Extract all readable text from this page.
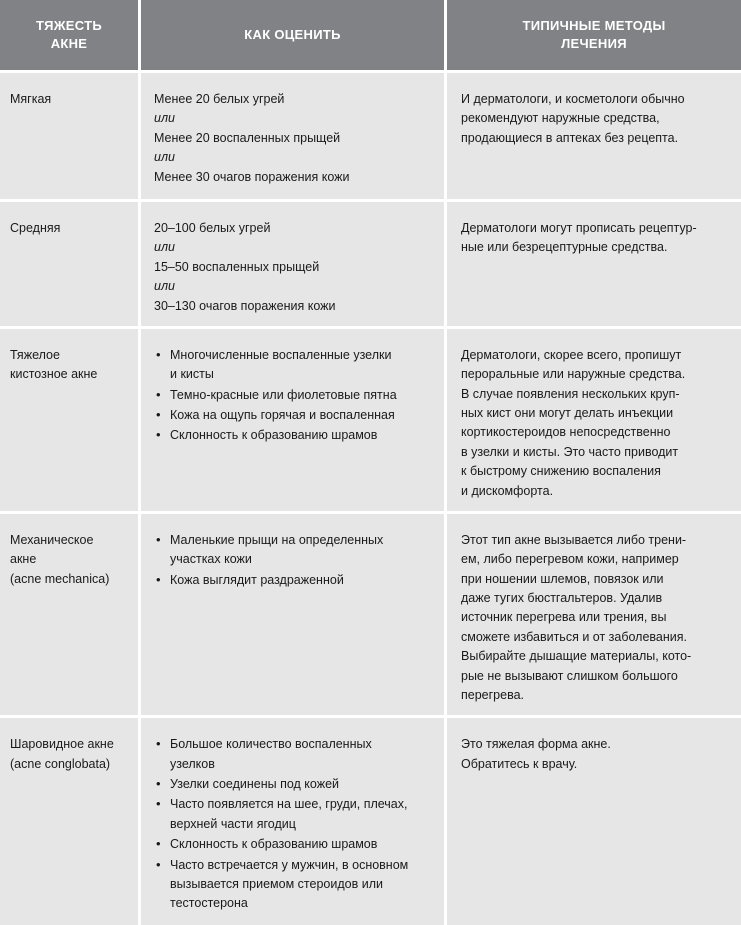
ТЯЖЕСТЬ
АКНЕ
КАК ОЦЕНИТЬ
ТИПИЧНЫЕ МЕТОДЫ
ЛЕЧЕНИЯ
Мягкая	Менее 20 белых угрей

или

Менее 20 воспаленных прыщей

или

Менее 30 очагов поражения кожи

И дерматологи, и косметологи обычно

рекомендуют наружные средства,

продающиеся в аптеках без рецепта.

Средняя	20–100 белых угрей

или

15–50 воспаленных прыщей

или

30–130 очагов поражения кожи

Дерматологи могут прописать рецептур-

ные или безрецептурные средства.

Тяжелое
кистозное акне
• Многочисленные воспаленные узелки
и кисты
• Темно-красные или фиолетовые пятна
• Кожа на ощупь горячая и воспаленная
• Склонность к образованию шрамов

Дерматологи, скорее всего, пропишут

пероральные или наружные средства.

В случае появления нескольких круп-

ных кист они могут делать инъекции

кортикостероидов непосредственно

в узелки и кисты. Это часто приводит

к быстрому снижению воспаления

и дискомфорта.

Механическое
акне
(acne mechanica)
• Маленькие прыщи на определенных
участках кожи
• Кожа выглядит раздраженной

Этот тип акне вызывается либо трени-

ем, либо перегревом кожи, например

при ношении шлемов, повязок или

даже тугих бюстгальтеров. Удалив

источник перегрева или трения, вы

сможете избавиться и от заболевания.

Выбирайте дышащие материалы, кото-

рые не вызывают слишком большого

перегрева.

Шаровидное акне
(acne conglobata)
• Большое количество воспаленных
узелков
• Узелки соединены под кожей
• Часто появляется на шее, груди, плечах,
верхней части ягодиц
• Склонность к образованию шрамов
• Часто встречается у мужчин, в основном
вызывается приемом стероидов или
тестостерона

Это тяжелая форма акне.

Обратитесь к врачу.
